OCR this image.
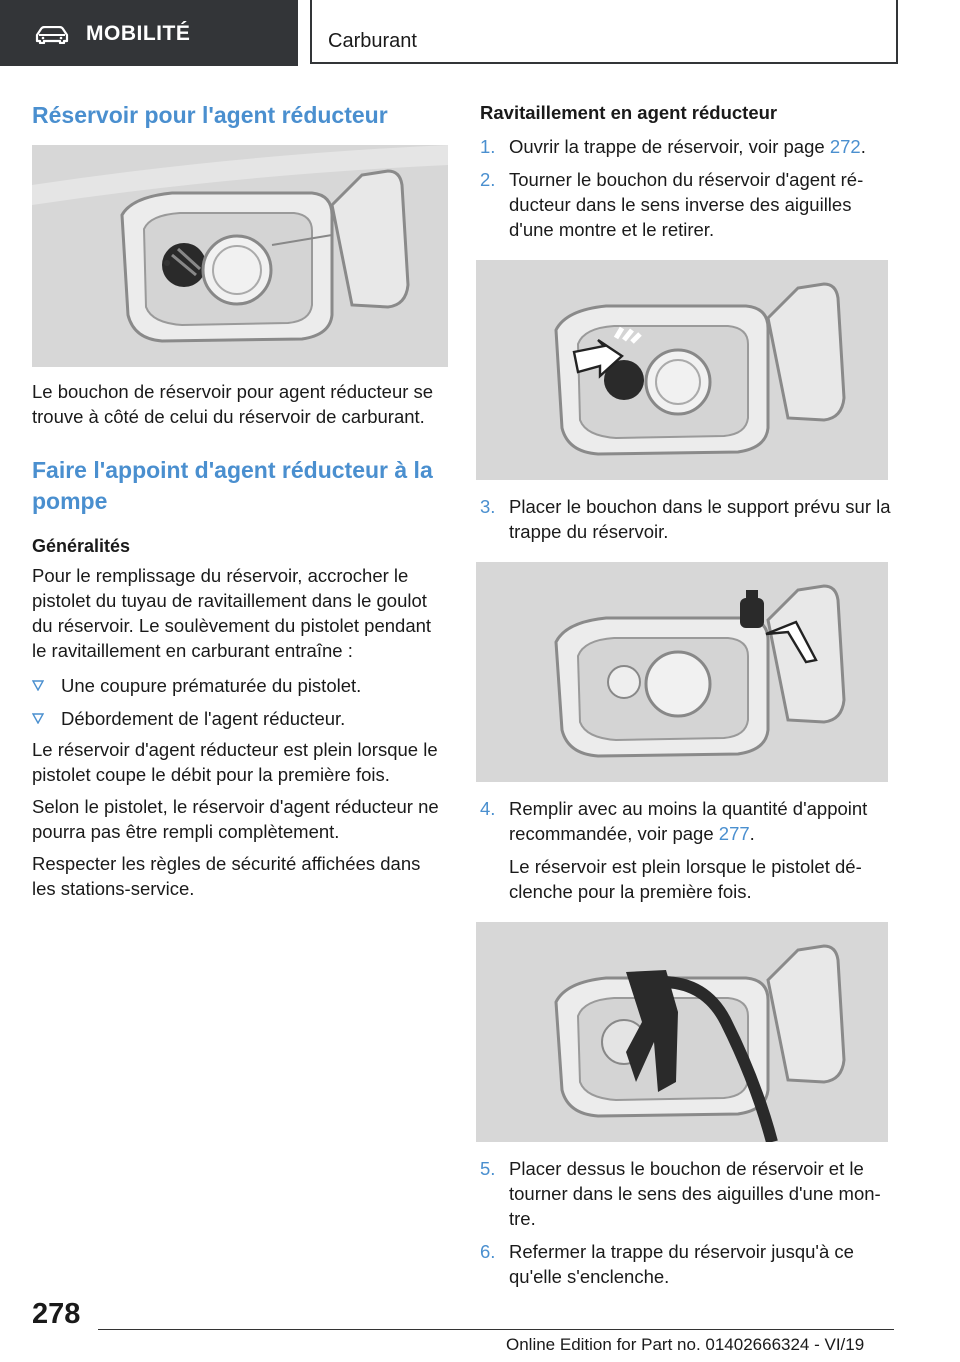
MOBILITÉ	Carburant
Réservoir pour l'agent réducteur

Le bouchon de réservoir pour agent réducteur se trouve à côté de celui du réservoir de carburant.

Faire l'appoint d'agent réducteur à la pompe
Généralités

Pour le remplissage du réservoir, accrocher le pistolet du tuyau de ravitaillement dans le goulot du réservoir. Le soulèvement du pistolet pendant le ravitaillement en carburant entraîne :

Une coupure prématurée du pistolet.
Débordement de l'agent réducteur.

Le réservoir d'agent réducteur est plein lorsque le pistolet coupe le débit pour la première fois.

Selon le pistolet, le réservoir d'agent réducteur ne pourra pas être rempli complètement.

Respecter les règles de sécurité affichées dans les stations-service.

Ravitaillement en agent réducteur
1. Ouvrir la trappe de réservoir, voir page 272.
2. Tourner le bouchon du réservoir d'agent réducteur dans le sens inverse des aiguilles d'une montre et le retirer.
3. Placer le bouchon dans le support prévu sur la trappe du réservoir.
4. Remplir avec au moins la quantité d'appoint recommandée, voir page 277.
Le réservoir est plein lorsque le pistolet déclenche pour la première fois.
5. Placer dessus le bouchon de réservoir et le tourner dans le sens des aiguilles d'une montre.
6. Refermer la trappe du réservoir jusqu'à ce qu'elle s'enclenche.
278
Online Edition for Part no. 01402666324 - VI/19
